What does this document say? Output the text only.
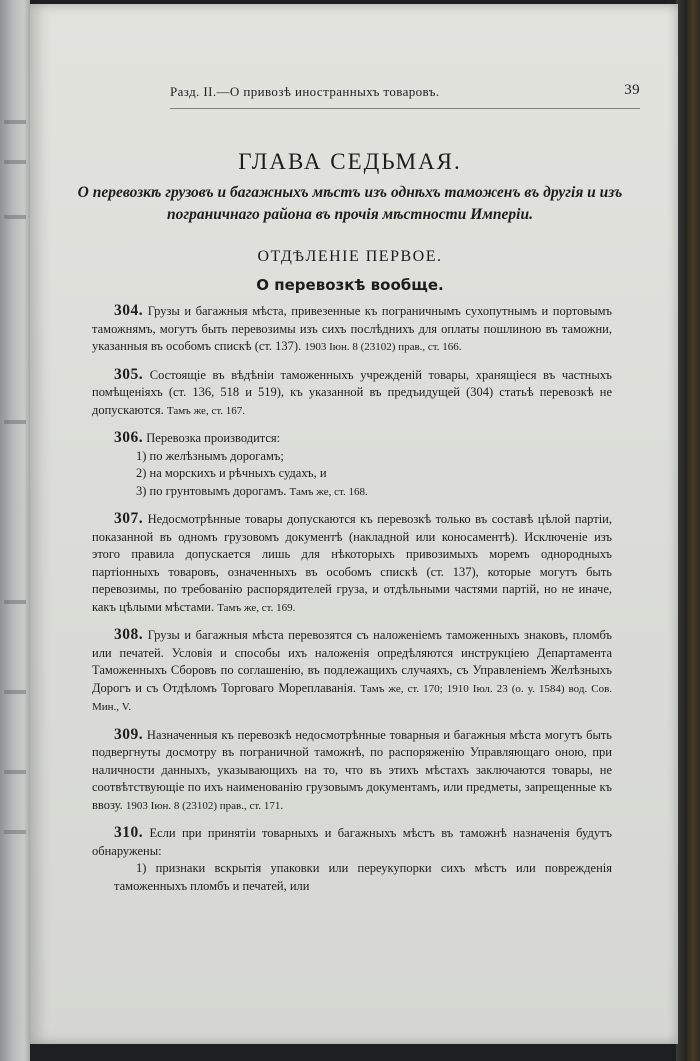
Разд. II.—О привозѣ иностранныхъ товаровъ.	39
ГЛАВА СЕДЬМАЯ.
О перевозкѣ грузовъ и багажныхъ мѣстъ изъ однѣхъ таможенъ въ другія и изъ пограничнаго района въ прочія мѣстности Имперіи.
ОТДѢЛЕНІЕ ПЕРВОЕ.
О перевозкѣ вообще.

304. Грузы и багажныя мѣста, привезенные къ пограничнымъ сухопутнымъ и портовымъ таможнямъ, могутъ быть перевозимы изъ сихъ послѣднихъ для оплаты пошлиною въ таможни, указанныя въ особомъ спискѣ (ст. 137). 1903 Іюн. 8 (23102) прав., ст. 166.

305. Состоящіе въ вѣдѣніи таможенныхъ учрежденій товары, хранящіеся въ частныхъ помѣщеніяхъ (ст. 136, 518 и 519), къ указанной въ предъидущей (304) статьѣ перевозкѣ не допускаются. Тамъ же, ст. 167.

306. Перевозка производится:
1) по желѣзнымъ дорогамъ;
2) на морскихъ и рѣчныхъ судахъ, и
3) по грунтовымъ дорогамъ. Тамъ же, ст. 168.

307. Недосмотрѣнные товары допускаются къ перевозкѣ только въ составѣ цѣлой партіи, показанной въ одномъ грузовомъ документѣ (накладной или коносаментѣ). Исключеніе изъ этого правила допускается лишь для нѣкоторыхъ привозимыхъ моремъ однородныхъ партіонныхъ товаровъ, означенныхъ въ особомъ спискѣ (ст. 137), которые могутъ быть перевозимы, по требованію распорядителей груза, и отдѣльными частями партій, но не иначе, какъ цѣлыми мѣстами. Тамъ же, ст. 169.

308. Грузы и багажныя мѣста перевозятся съ наложеніемъ таможенныхъ знаковъ, пломбъ или печатей. Условія и способы ихъ наложенія опредѣляются инструкціею Департамента Таможенныхъ Сборовъ по соглашенію, въ подлежащихъ случаяхъ, съ Управленіемъ Желѣзныхъ Дорогъ и съ Отдѣломъ Торговаго Мореплаванія. Тамъ же, ст. 170; 1910 Іюл. 23 (о. у. 1584) вод. Сов. Мин., V.

309. Назначенныя къ перевозкѣ недосмотрѣнные товарныя и багажныя мѣста могутъ быть подвергнуты досмотру въ пограничной таможнѣ, по распоряженію Управляющаго оною, при наличности данныхъ, указывающихъ на то, что въ этихъ мѣстахъ заключаются товары, не соотвѣтствующіе по ихъ наименованію грузовымъ документамъ, или предметы, запрещенные къ ввозу. 1903 Іюн. 8 (23102) прав., ст. 171.

310. Если при принятіи товарныхъ и багажныхъ мѣстъ въ таможнѣ назначенія будутъ обнаружены:
1) признаки вскрытія упаковки или переукупорки сихъ мѣстъ или поврежденія таможенныхъ пломбъ и печатей, или
